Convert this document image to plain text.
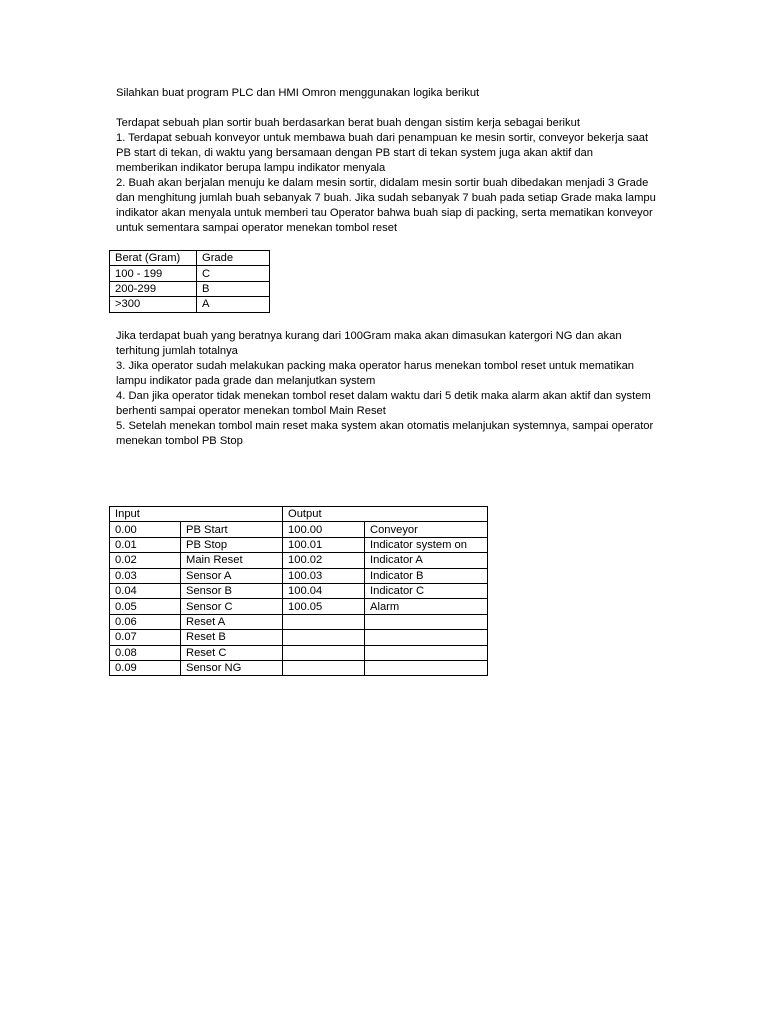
Silahkan buat program PLC dan HMI Omron menggunakan logika berikut

Terdapat sebuah plan sortir buah berdasarkan berat buah dengan sistim kerja sebagai berikut

1. Terdapat sebuah konveyor untuk membawa buah dari penampuan ke mesin sortir, conveyor bekerja saat PB start di tekan, di waktu yang bersamaan dengan PB start di tekan system juga akan aktif dan memberikan indikator berupa lampu indikator menyala

2. Buah akan berjalan menuju ke dalam mesin sortir, didalam mesin sortir buah dibedakan menjadi 3 Grade dan menghitung jumlah buah sebanyak 7 buah. Jika sudah sebanyak 7 buah pada setiap Grade maka lampu indikator akan menyala untuk memberi tau Operator bahwa buah siap di packing, serta mematikan konveyor untuk sementara sampai operator menekan tombol reset

Berat (Gram)	Grade
100 - 199	C
200-299	B
>300	A

Jika terdapat buah yang beratnya kurang dari 100Gram maka akan dimasukan katergori NG dan akan terhitung jumlah totalnya

3. Jika operator sudah melakukan packing maka operator harus menekan tombol reset untuk mematikan lampu indikator pada grade dan melanjutkan system

4. Dan jika operator tidak menekan tombol reset dalam waktu dari 5 detik maka alarm akan aktif dan system berhenti sampai operator menekan tombol Main Reset

5. Setelah menekan tombol main reset maka system akan otomatis melanjukan systemnya, sampai operator menekan tombol PB Stop

Input		Output	
0.00	PB Start	100.00	Conveyor
0.01	PB Stop	100.01	Indicator system on
0.02	Main Reset	100.02	Indicator A
0.03	Sensor A	100.03	Indicator B
0.04	Sensor B	100.04	Indicator C
0.05	Sensor C	100.05	Alarm
0.06	Reset A		
0.07	Reset B		
0.08	Reset C		
0.09	Sensor NG		
